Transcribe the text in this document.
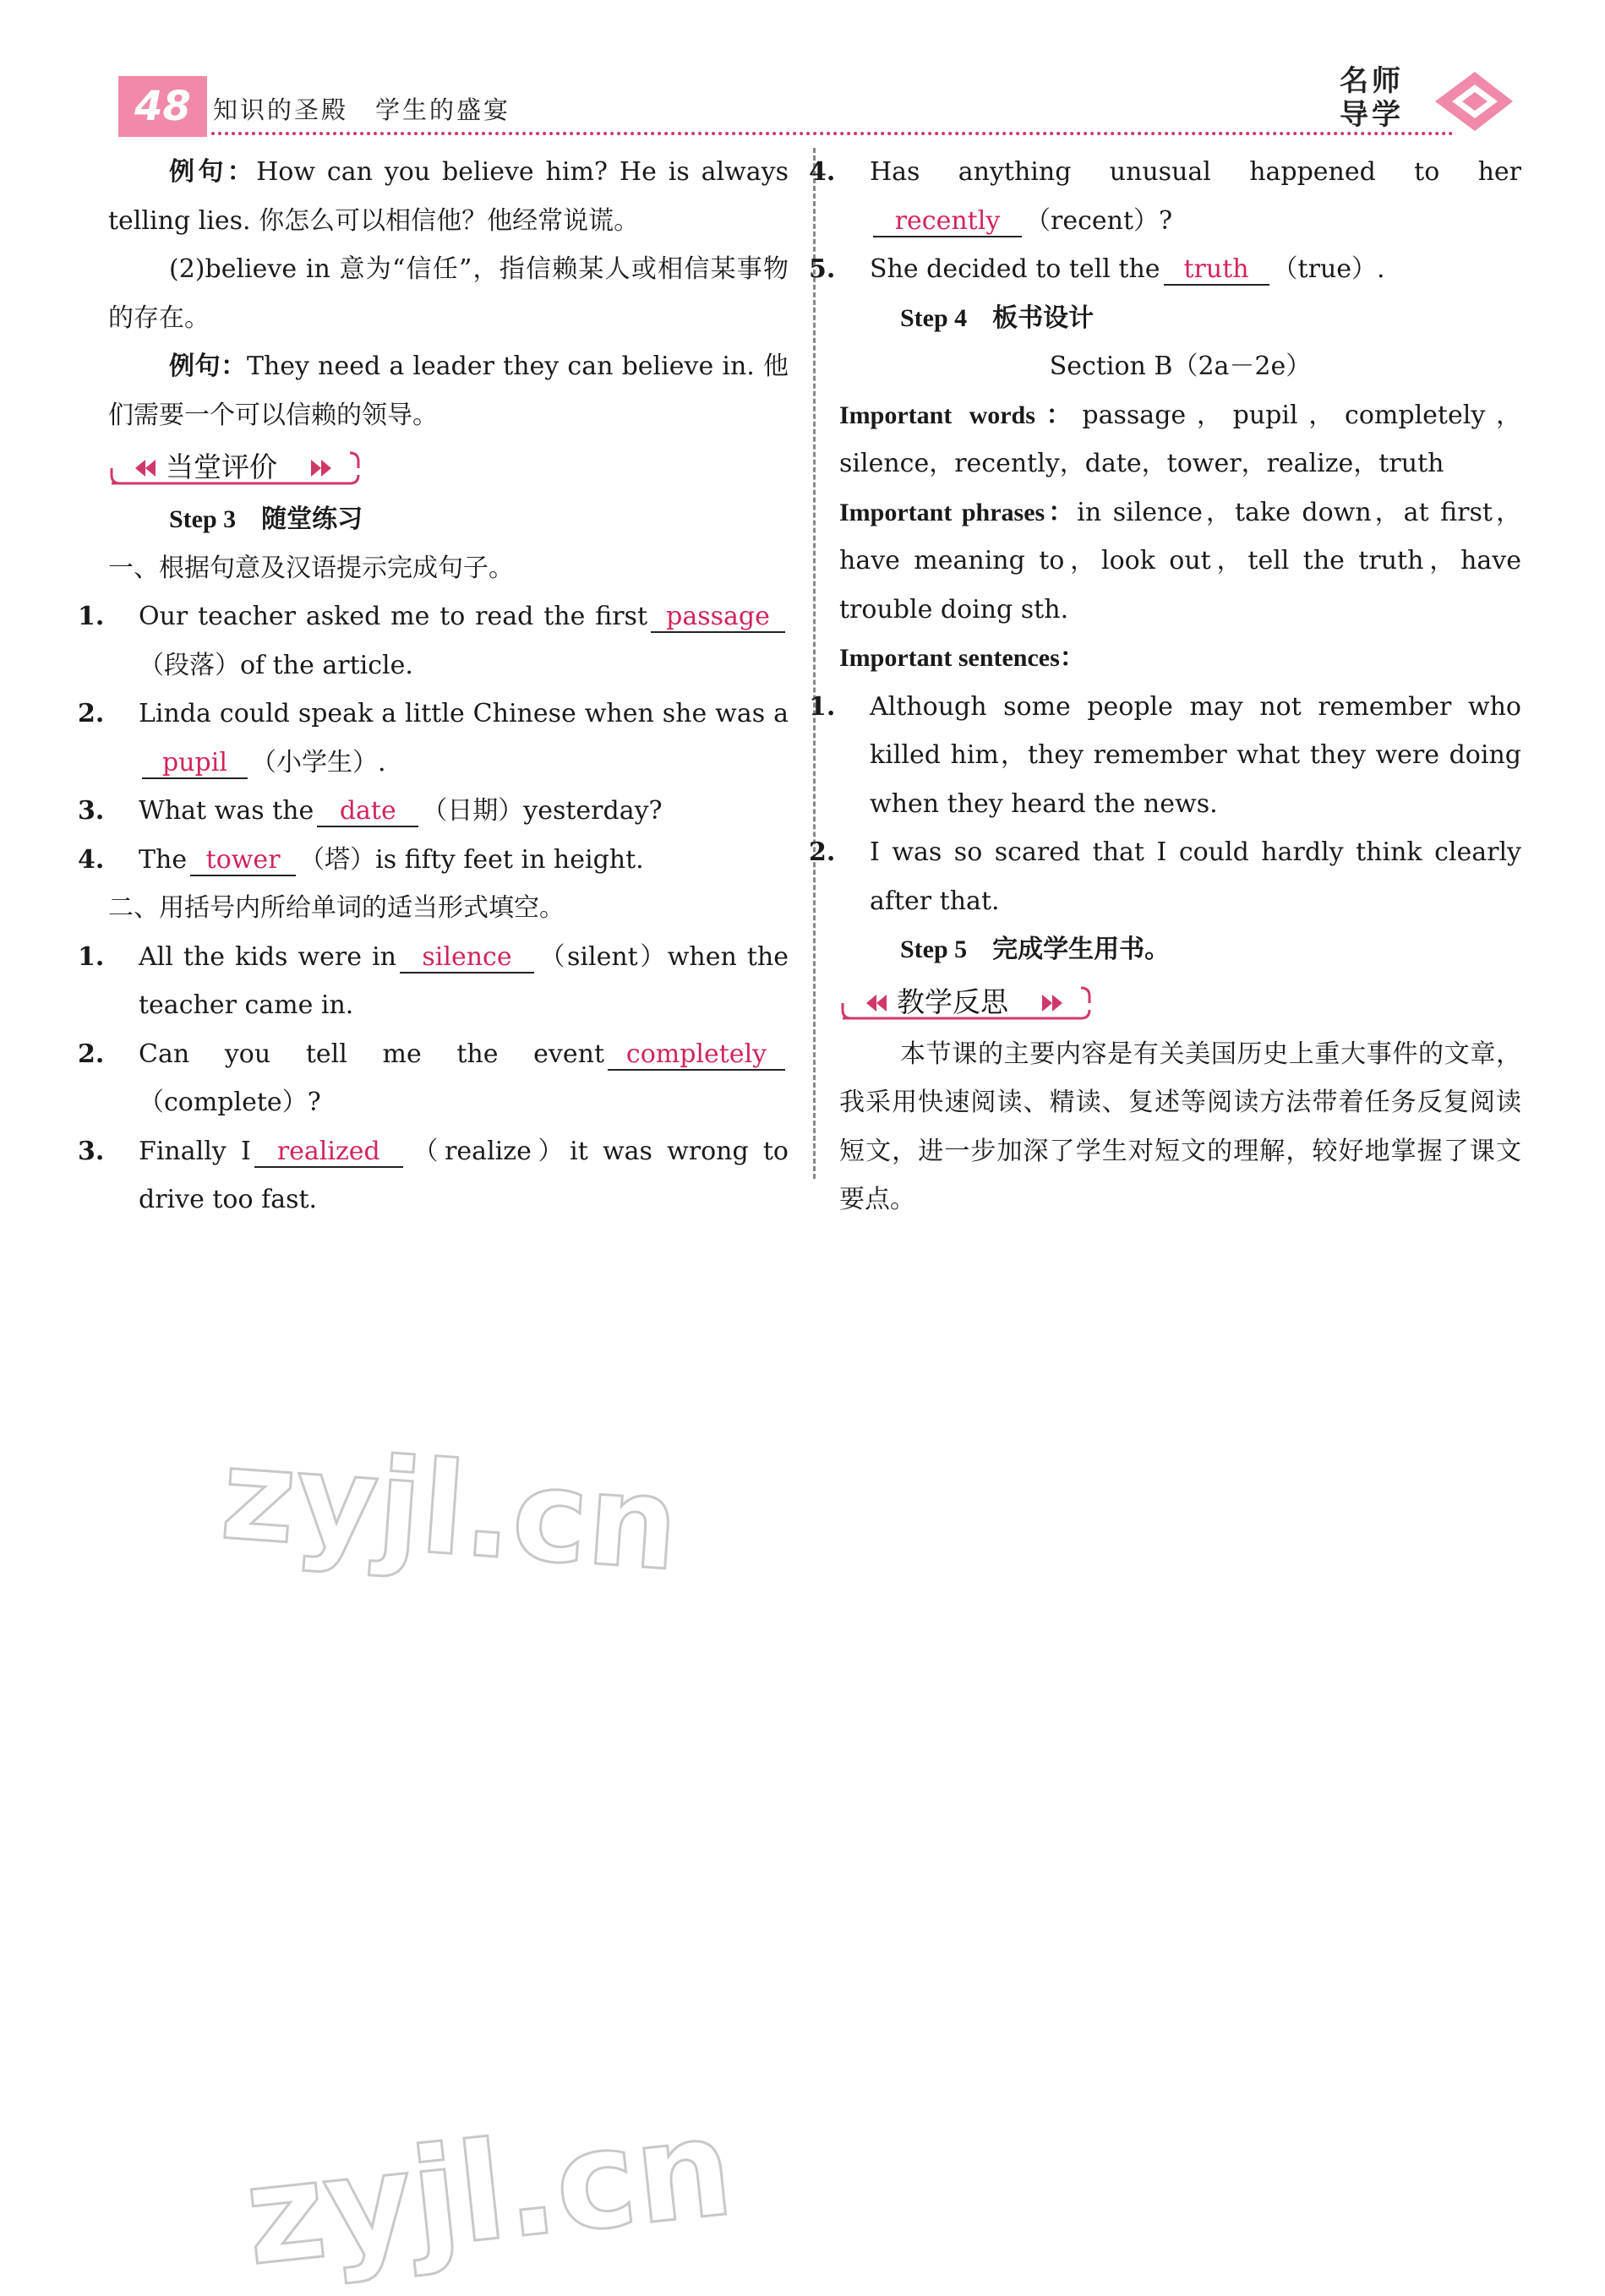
48 知识的圣殿　学生的盛宴
名师
导学

例句：How can you believe him? He is always telling lies. 你怎么可以相信他？他经常说谎。

(2)believe in 意为“信任”，指信赖某人或相信某事物的存在。

例句：They need a leader they can believe in. 他们需要一个可以信赖的领导。

当堂评价

Step 3　随堂练习

一、根据句意及汉语提示完成句子。

1. Our teacher asked me to read the first passage（段落）of the article.

2. Linda could speak a little Chinese when she was apupil （小学生）.

3. What was the date （日期）yesterday?

4. The tower （塔）is fifty feet in height.

二、用括号内所给单词的适当形式填空。

1. All the kids were in silence （silent）when the teacher came in.

2. Can you tell me the event completely（complete）?

3. Finally I realized （realize）it was wrong to drive too fast.

4. Has anything unusual happened to herrecently （recent）?

5. She decided to tell the truth （true）.

Step 4　板书设计

Section B（2a－2e）

Important words：passage，pupil，completely，silence，recently，date，tower，realize，truth

Important phrases：in silence，take down，at first，have meaning to，look out，tell the truth，have trouble doing sth.

Important sentences：

1. Although some people may not remember who killed him，they remember what they were doing when they heard the news.

2. I was so scared that I could hardly think clearly after that.

Step 5　完成学生用书。

教学反思

本节课的主要内容是有关美国历史上重大事件的文章，我采用快速阅读、精读、复述等阅读方法带着任务反复阅读短文，进一步加深了学生对短文的理解，较好地掌握了课文要点。

zyjl.cn
zyjl.cn
